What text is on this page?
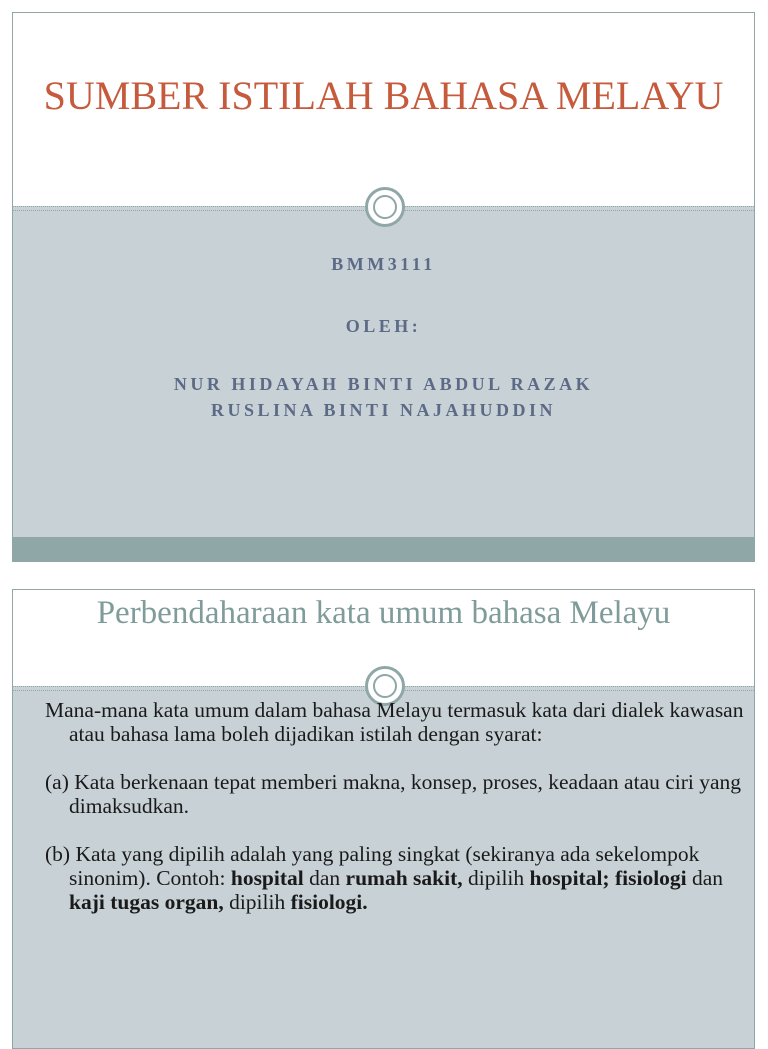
SUMBER ISTILAH BAHASA MELAYU

BMM3111

OLEH:

NUR HIDAYAH BINTI ABDUL RAZAK
RUSLINA BINTI NAJAHUDDIN

Perbendaharaan kata umum bahasa Melayu

Mana-mana kata umum dalam bahasa Melayu termasuk kata dari dialek kawasan atau bahasa lama boleh dijadikan istilah dengan syarat:

(a) Kata berkenaan tepat memberi makna, konsep, proses, keadaan atau ciri yang dimaksudkan.

(b) Kata yang dipilih adalah yang paling singkat (sekiranya ada sekelompok sinonim). Contoh: hospital dan rumah sakit, dipilih hospital; fisiologi dan kaji tugas organ, dipilih fisiologi.
